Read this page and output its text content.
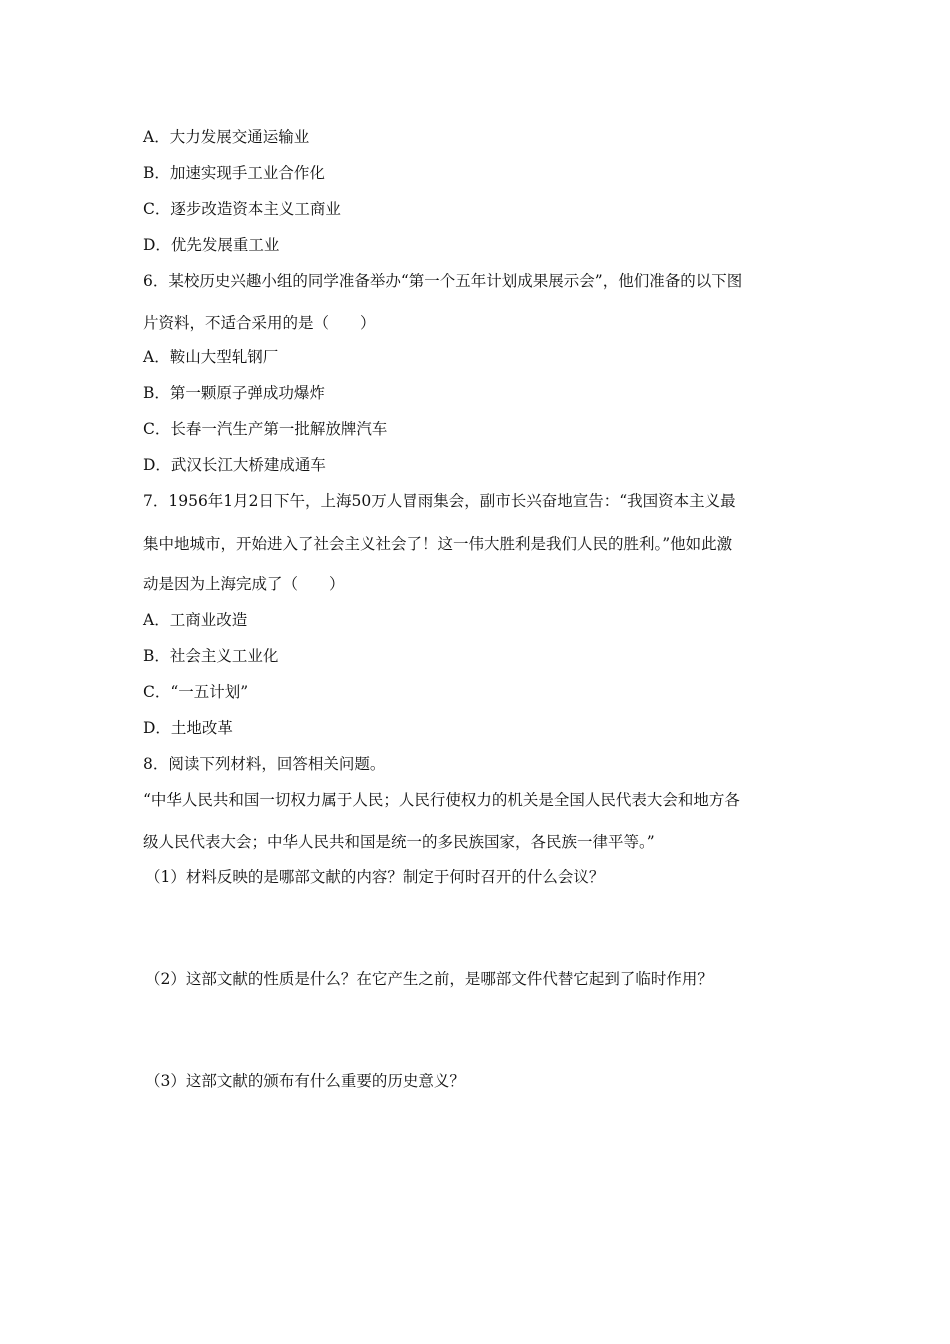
A．大力发展交通运输业
B．加速实现手工业合作化
C．逐步改造资本主义工商业
D．优先发展重工业
6．某校历史兴趣小组的同学准备举办“第一个五年计划成果展示会”，他们准备的以下图
片资料，不适合采用的是（　　）
A．鞍山大型轧钢厂
B．第一颗原子弹成功爆炸
C．长春一汽生产第一批解放牌汽车
D．武汉长江大桥建成通车
7．1956年1月2日下午，上海50万人冒雨集会，副市长兴奋地宣告：“我国资本主义最
集中地城市，开始进入了社会主义社会了！这一伟大胜利是我们人民的胜利。”他如此激
动是因为上海完成了（　　）
A．工商业改造
B．社会主义工业化
C．“一五计划”
D．土地改革
8．阅读下列材料，回答相关问题。
“中华人民共和国一切权力属于人民；人民行使权力的机关是全国人民代表大会和地方各
级人民代表大会；中华人民共和国是统一的多民族国家，各民族一律平等。”
（1）材料反映的是哪部文献的内容？制定于何时召开的什么会议？
（2）这部文献的性质是什么？在它产生之前，是哪部文件代替它起到了临时作用？
（3）这部文献的颁布有什么重要的历史意义？
